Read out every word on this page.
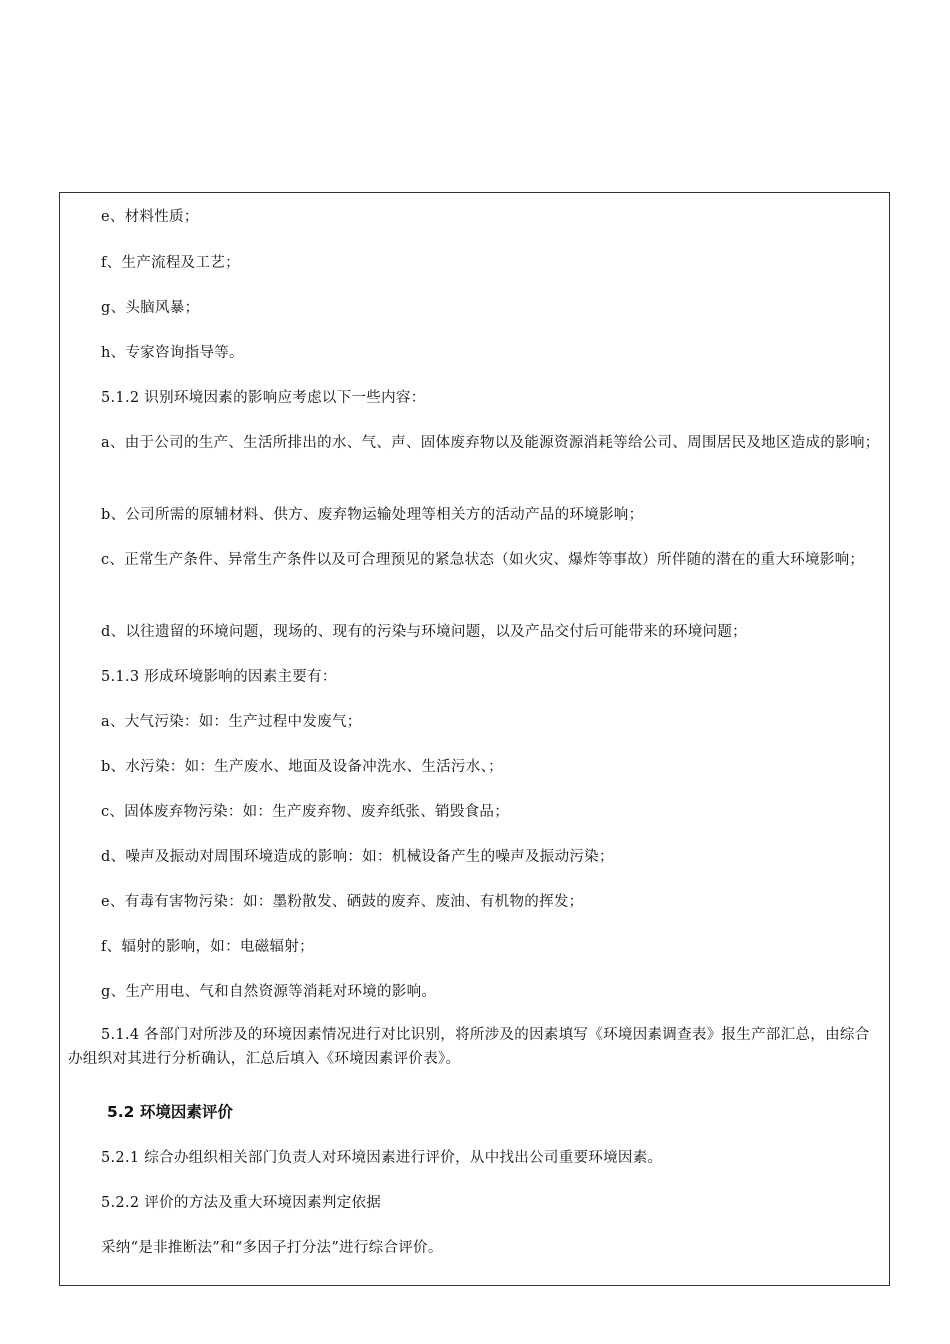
e、材料性质；

f、生产流程及工艺；

g、头脑风暴；

h、专家咨询指导等。

5.1.2 识别环境因素的影响应考虑以下一些内容：

a、由于公司的生产、生活所排出的水、气、声、固体废弃物以及能源资源消耗等给公司、周围居民及地区造成的影响；

b、公司所需的原辅材料、供方、废弃物运输处理等相关方的活动产品的环境影响；

c、正常生产条件、异常生产条件以及可合理预见的紧急状态（如火灾、爆炸等事故）所伴随的潜在的重大环境影响；

d、以往遗留的环境问题，现场的、现有的污染与环境问题，以及产品交付后可能带来的环境问题；

5.1.3 形成环境影响的因素主要有：

a、大气污染：如：生产过程中发废气；

b、水污染：如：生产废水、地面及设备冲洗水、生活污水、；

c、固体废弃物污染：如：生产废弃物、废弃纸张、销毁食品；

d、噪声及振动对周围环境造成的影响：如：机械设备产生的噪声及振动污染；

e、有毒有害物污染：如：墨粉散发、硒鼓的废弃、废油、有机物的挥发；

f、辐射的影响，如：电磁辐射；

g、生产用电、气和自然资源等消耗对环境的影响。

5.1.4 各部门对所涉及的环境因素情况进行对比识别，将所涉及的因素填写《环境因素调查表》报生产部汇总，由综合办组织对其进行分析确认，汇总后填入《环境因素评价表》。

5.2 环境因素评价

5.2.1 综合办组织相关部门负责人对环境因素进行评价，从中找出公司重要环境因素。

5.2.2 评价的方法及重大环境因素判定依据

采纳“是非推断法”和“多因子打分法”进行综合评价。
